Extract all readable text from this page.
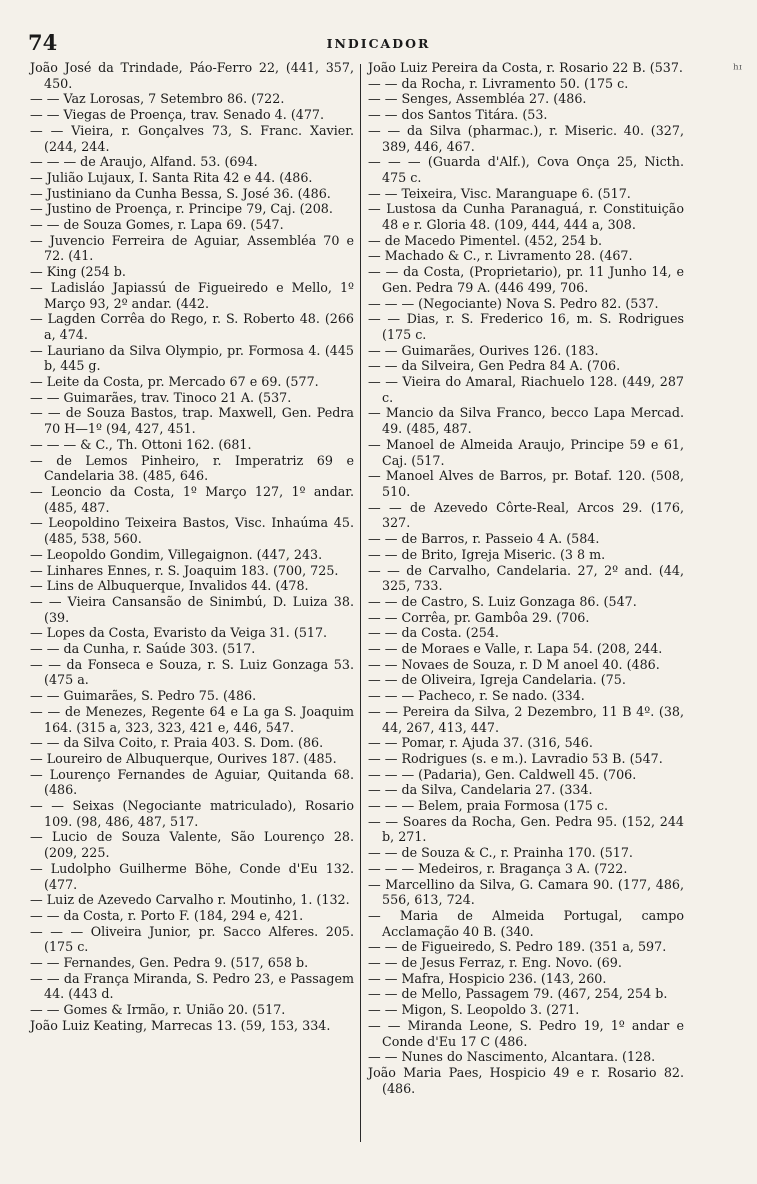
74	INDICADOR
ʰᶦ
João José da Trindade, Páo-Ferro 22, (441, 357, 450.
— — Vaz Lorosas, 7 Setembro 86. (722.
— — Viegas de Proença, trav. Senado 4. (477.
— — Vieira, r. Gonçalves 73, S. Franc. Xavier. (244, 244.
— — — de Araujo, Alfand. 53. (694.
— Julião Lujaux, I. Santa Rita 42 e 44. (486.
— Justiniano da Cunha Bessa, S. José 36. (486.
— Justino de Proença, r. Principe 79, Caj. (208.
— — de Souza Gomes, r. Lapa 69. (547.
— Juvencio Ferreira de Aguiar, Assembléa 70 e 72. (41.
— King (254 b.
— Ladisláo Japiassú de Figueiredo e Mello, 1º Março 93, 2º andar. (442.
— Lagden Corrêa do Rego, r. S. Roberto 48. (266 a, 474.
— Lauriano da Silva Olympio, pr. Formosa 4. (445 b, 445 g.
— Leite da Costa, pr. Mercado 67 e 69. (577.
— — Guimarães, trav. Tinoco 21 A. (537.
— — de Souza Bastos, trap. Maxwell, Gen. Pedra 70 H—1º (94, 427, 451.
— — — & C., Th. Ottoni 162. (681.
— de Lemos Pinheiro, r. Imperatriz 69 e Candelaria 38. (485, 646.
— Leoncio da Costa, 1º Março 127, 1º andar. (485, 487.
— Leopoldino Teixeira Bastos, Visc. Inhaúma 45. (485, 538, 560.
— Leopoldo Gondim, Villegaignon. (447, 243.
— Linhares Ennes, r. S. Joaquim 183. (700, 725.
— Lins de Albuquerque, Invalidos 44. (478.
— — Vieira Cansansão de Sinimbú, D. Luiza 38. (39.
— Lopes da Costa, Evaristo da Veiga 31. (517.
— — da Cunha, r. Saúde 303. (517.
— — da Fonseca e Souza, r. S. Luiz Gonzaga 53. (475 a.
— — Guimarães, S. Pedro 75. (486.
— — de Menezes, Regente 64 e La ga S. Joaquim 164. (315 a, 323, 323, 421 e, 446, 547.
— — da Silva Coito, r. Praia 403. S. Dom. (86.
— Loureiro de Albuquerque, Ourives 187. (485.
— Lourenço Fernandes de Aguiar, Quitanda 68. (486.
— — Seixas (Negociante matriculado), Rosario 109. (98, 486, 487, 517.
— Lucio de Souza Valente, São Lourenço 28. (209, 225.
— Ludolpho Guilherme Böhe, Conde d'Eu 132. (477.
— Luiz de Azevedo Carvalho r. Moutinho, 1. (132.
— — da Costa, r. Porto F. (184, 294 e, 421.
— — — Oliveira Junior, pr. Sacco Alferes. 205. (175 c.
— — Fernandes, Gen. Pedra 9. (517, 658 b.
— — da França Miranda, S. Pedro 23, e Passagem 44. (443 d.
— — Gomes & Irmão, r. União 20. (517.
João Luiz Keating, Marrecas 13. (59, 153, 334.
João Luiz Pereira da Costa, r. Rosario 22 B. (537.
— — da Rocha, r. Livramento 50. (175 c.
— — Senges, Assembléa 27. (486.
— — dos Santos Titára. (53.
— — da Silva (pharmac.), r. Miseric. 40. (327, 389, 446, 467.
— — — (Guarda d'Alf.), Cova Onça 25, Nicth. 475 c.
— — Teixeira, Visc. Maranguape 6. (517.
— Lustosa da Cunha Paranaguá, r. Constituição 48 e r. Gloria 48. (109, 444, 444 a, 308.
— de Macedo Pimentel. (452, 254 b.
— Machado & C., r. Livramento 28. (467.
— — da Costa, (Proprietario), pr. 11 Junho 14, e Gen. Pedra 79 A. (446 499, 706.
— — — (Negociante) Nova S. Pedro 82. (537.
— — Dias, r. S. Frederico 16, m. S. Rodrigues (175 c.
— — Guimarães, Ourives 126. (183.
— — da Silveira, Gen Pedra 84 A. (706.
— — Vieira do Amaral, Riachuelo 128. (449, 287 c.
— Mancio da Silva Franco, becco Lapa Mercad. 49. (485, 487.
— Manoel de Almeida Araujo, Principe 59 e 61, Caj. (517.
— Manoel Alves de Barros, pr. Botaf. 120. (508, 510.
— — de Azevedo Côrte-Real, Arcos 29. (176, 327.
— — de Barros, r. Passeio 4 A. (584.
— — de Brito, Igreja Miseric. (3 8 m.
— — de Carvalho, Candelaria. 27, 2º and. (44, 325, 733.
— — de Castro, S. Luiz Gonzaga 86. (547.
— — Corrêa, pr. Gambôa 29. (706.
— — da Costa. (254.
— — de Moraes e Valle, r. Lapa 54. (208, 244.
— — Novaes de Souza, r. D M anoel 40. (486.
— — de Oliveira, Igreja Candelaria. (75.
— — — Pacheco, r. Se nado. (334.
— — Pereira da Silva, 2 Dezembro, 11 B 4º. (38, 44, 267, 413, 447.
— — Pomar, r. Ajuda 37. (316, 546.
— — Rodrigues (s. e m.). Lavradio 53 B. (547.
— — — (Padaria), Gen. Caldwell 45. (706.
— — da Silva, Candelaria 27. (334.
— — — Belem, praia Formosa (175 c.
— — Soares da Rocha, Gen. Pedra 95. (152, 244 b, 271.
— — de Souza & C., r. Prainha 170. (517.
— — — Medeiros, r. Bragança 3 A. (722.
— Marcellino da Silva, G. Camara 90. (177, 486, 556, 613, 724.
— Maria de Almeida Portugal, campo Acclamação 40 B. (340.
— — de Figueiredo, S. Pedro 189. (351 a, 597.
— — de Jesus Ferraz, r. Eng. Novo. (69.
— — Mafra, Hospicio 236. (143, 260.
— — de Mello, Passagem 79. (467, 254, 254 b.
— — Migon, S. Leopoldo 3. (271.
— — Miranda Leone, S. Pedro 19, 1º andar e Conde d'Eu 17 C (486.
— — Nunes do Nascimento, Alcantara. (128.
João Maria Paes, Hospicio 49 e r. Rosario 82. (486.
